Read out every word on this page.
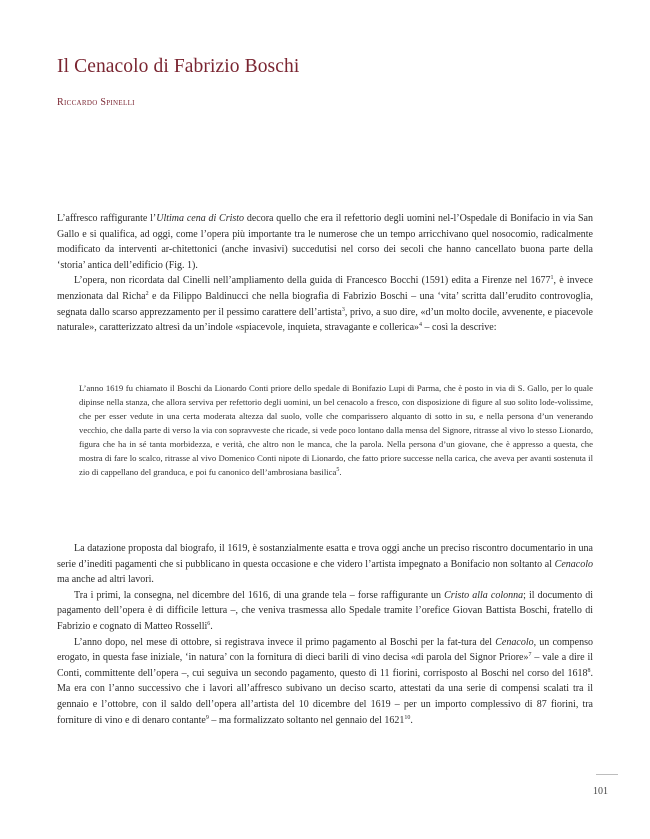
Il Cenacolo di Fabrizio Boschi
Riccardo Spinelli

L’affresco raffigurante l’Ultima cena di Cristo decora quello che era il refettorio degli uomini nel-l’Ospedale di Bonifacio in via San Gallo e si qualifica, ad oggi, come l’opera più importante tra le numerose che un tempo arricchivano quel nosocomio, radicalmente modificato da interventi ar-chitettonici (anche invasivi) succedutisi nel corso dei secoli che hanno cancellato buona parte della ‘storia’ antica dell’edificio (Fig. 1).

L’opera, non ricordata dal Cinelli nell’ampliamento della guida di Francesco Bocchi (1591) edita a Firenze nel 1677$^1$, è invece menzionata dal Richa$^2$ e da Filippo Baldinucci che nella biografia di Fabrizio Boschi – una ‘vita’ scritta dall’erudito controvoglia, segnata dallo scarso apprezzamento per il pessimo carattere dell’artista$^3$, privo, a suo dire, «d’un molto docile, avvenente, e piacevole naturale», caratterizzato altresì da un’indole «spiacevole, inquieta, stravagante e collerica»$^4$ – così la descrive:

L’anno 1619 fu chiamato il Boschi da Lionardo Conti priore dello spedale di Bonifazio Lupi di Parma, che è posto in via di S. Gallo, per lo quale dipinse nella stanza, che allora serviva per refettorio degli uomini, un bel cenacolo a fresco, con disposizione di figure al suo solito lode-volissime, che per esser vedute in una certa moderata altezza dal suolo, volle che comparissero alquanto di sotto in su, e nella persona d’un venerando vecchio, che dalla parte di verso la via con sopravveste che ricade, si vede poco lontano dalla mensa del Signore, ritrasse al vivo lo stesso Lionardo, figura che ha in sé tanta morbidezza, e verità, che altro non le manca, che la parola. Nella persona d’un giovane, che è appresso a questa, che mostra di fare lo scalco, ritrasse al vivo Domenico Conti nipote di Lionardo, che fatto priore successe nella carica, che aveva per avanti sostenuta il zio di cappellano del granduca, e poi fu canonico dell’ambrosiana basilica$^5$.

La datazione proposta dal biografo, il 1619, è sostanzialmente esatta e trova oggi anche un preciso riscontro documentario in una serie d’inediti pagamenti che si pubblicano in questa occasione e che videro l’artista impegnato a Bonifacio non soltanto al Cenacolo ma anche ad altri lavori.

Tra i primi, la consegna, nel dicembre del 1616, di una grande tela – forse raffigurante un Cristo alla colonna; il documento di pagamento dell’opera è di difficile lettura –, che veniva trasmessa allo Spedale tramite l’orefice Giovan Battista Boschi, fratello di Fabrizio e cognato di Matteo Rosselli$^6$.

L’anno dopo, nel mese di ottobre, si registrava invece il primo pagamento al Boschi per la fat-tura del Cenacolo, un compenso erogato, in questa fase iniziale, ‘in natura’ con la fornitura di dieci barili di vino decisa «di parola del Signor Priore»$^7$ – vale a dire il Conti, committente dell’opera –, cui seguiva un secondo pagamento, questo di 11 fiorini, corrisposto al Boschi nel corso del 1618$^8$. Ma era con l’anno successivo che i lavori all’affresco subivano un deciso scarto, attestati da una serie di compensi scalati tra il gennaio e l’ottobre, con il saldo dell’opera all’artista del 10 dicembre del 1619 – per un importo complessivo di 87 fiorini, tra forniture di vino e di denaro contante$^9$ – ma formalizzato soltanto nel gennaio del 1621$^{10}$.

101
